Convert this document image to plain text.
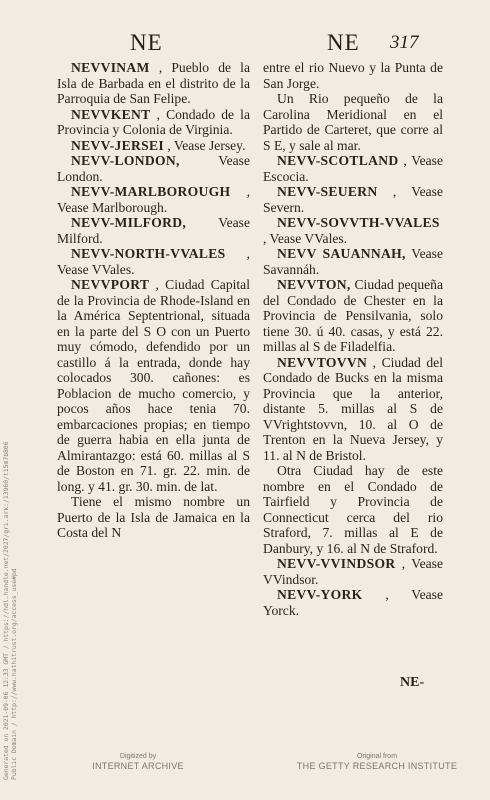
Generated on 2021-09-06 12:33 GMT / https://hdl.handle.net/2027/gri.ark:/13960/t15m7b806 Public Domain / http://www.hathitrust.org/access_use#pd
NE	NE 317

NEVVINAM , Pueblo de la Isla de Barbada en el distrito de la Parroquia de San Felipe.

NEVVKENT , Condado de la Provincia y Colonia de Virginia.

NEVV-JERSEI , Vease Jersey.

NEVV-LONDON,	Vease London.

NEVV-MARLBOROUGH , Vease Marlborough.

NEVV-MILFORD, Vease Milford.

NEVV-NORTH-VVALES , Vease VVales.

NEVVPORT , Ciudad Capital de la Provincia de Rhode-Island en la América Septentrional, situada en la parte del S O con un Puerto muy cómodo, defendido por un castillo á la entrada, donde hay colocados 300. cañones: es Poblacion de mucho comercio, y pocos años hace tenia 70. embarcaciones propias; en tiempo de guerra habia en ella junta de Almirantazgo: está 60. millas al S de Boston en 71. gr. 22. min. de long. y 41. gr. 30. min. de lat.

Tiene el mismo nombre un Puerto de la Isla de Jamaica en la Costa del N

entre el rio Nuevo y la Punta de San Jorge.

Un Rio pequeño de la Carolina Meridional en el Partido de Carteret, que corre al S E, y sale al mar.

NEVV-SCOTLAND , Vease Escocia.

NEVV-SEUERN , Vease Severn.

NEVV-SOVVTH-VVALES , Vease VVales.

NEVV SAUANNAH, Vease Savannáh.

NEVVTON, Ciudad pequeña del Condado de Chester en la Provincia de Pensilvania, solo tiene 30. ú 40. casas, y está 22. millas al S de Filadelfia.

NEVVTOVVN , Ciudad del Condado de Bucks en la misma Provincia que la anterior, distante 5. millas al S de VVrightstovvn, 10. al O de Trenton en la Nueva Jersey, y 11. al N de Bristol.

Otra Ciudad hay de este nombre en el Condado de Tairfield y Provincia de Connecticut cerca del rio Straford, 7. millas al E de Danbury, y 16. al N de Straford.

NEVV-VVINDSOR , Vease VVindsor.

NEVV-YORK , Vease Yorck.

NE-
Digitized by
INTERNET ARCHIVE
Original from
THE GETTY RESEARCH INSTITUTE
